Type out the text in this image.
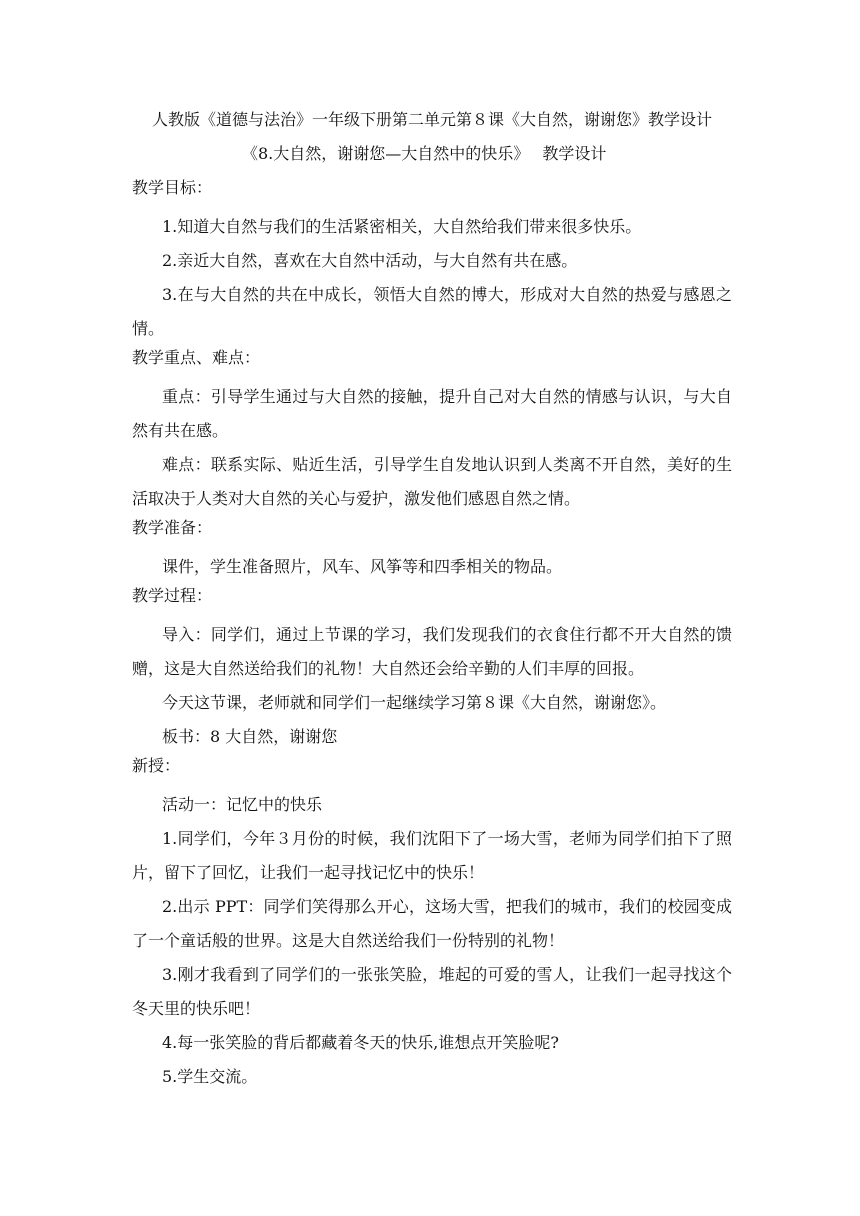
人教版《道德与法治》一年级下册第二单元第８课《大自然，谢谢您》教学设计
《8.大自然，谢谢您—大自然中的快乐》　 教学设计
教学目标：

1.知道大自然与我们的生活紧密相关，大自然给我们带来很多快乐。

2.亲近大自然，喜欢在大自然中活动，与大自然有共在感。

3.在与大自然的共在中成长，领悟大自然的博大，形成对大自然的热爱与感恩之情。

教学重点、难点：

重点：引导学生通过与大自然的接触，提升自己对大自然的情感与认识，与大自然有共在感。

难点：联系实际、贴近生活，引导学生自发地认识到人类离不开自然，美好的生活取决于人类对大自然的关心与爱护，激发他们感恩自然之情。

教学准备：

课件，学生准备照片，风车、风筝等和四季相关的物品。

教学过程：

导入：同学们，通过上节课的学习，我们发现我们的衣食住行都不开大自然的馈赠，这是大自然送给我们的礼物！大自然还会给辛勤的人们丰厚的回报。

今天这节课，老师就和同学们一起继续学习第８课《大自然，谢谢您》。

板书：8 大自然，谢谢您

新授：

活动一：记忆中的快乐

1.同学们，今年３月份的时候，我们沈阳下了一场大雪，老师为同学们拍下了照片，留下了回忆，让我们一起寻找记忆中的快乐！

2.出示 PPT：同学们笑得那么开心，这场大雪，把我们的城市，我们的校园变成了一个童话般的世界。这是大自然送给我们一份特别的礼物！

3.刚才我看到了同学们的一张张笑脸，堆起的可爱的雪人，让我们一起寻找这个冬天里的快乐吧！

4.每一张笑脸的背后都藏着冬天的快乐,谁想点开笑脸呢?

5.学生交流。
